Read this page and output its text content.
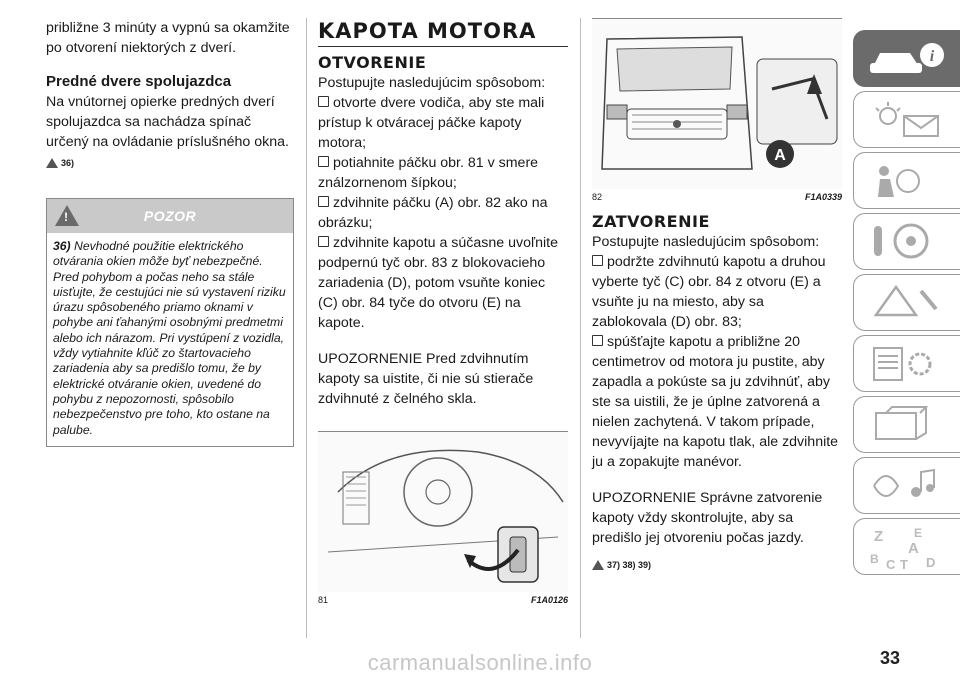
približne 3 minúty a vypnú sa okamžite po otvorení niektorých z dverí.

Predné dvere spolujazdca

Na vnútornej opierke predných dverí spolujazdca sa nachádza spínač určený na ovládanie príslušného okna.

36)
!	POZOR
36) Nevhodné použitie elektrického otvárania okien môže byť nebezpečné. Pred pohybom a počas neho sa stále uisťujte, že cestujúci nie sú vystavení riziku úrazu spôsobeného priamo oknami v pohybe ani ťahanými osobnými predmetmi alebo ich nárazom. Pri vystúpení z vozidla, vždy vytiahnite kľúč zo štartovacieho zariadenia aby sa predišlo tomu, že by elektrické otváranie okien, uvedené do pohybu z nepozornosti, spôsobilo nebezpečenstvo pre toho, kto ostane na palube.

KAPOTA MOTORA

OTVORENIE

Postupujte nasledujúcim spôsobom:

otvorte dvere vodiča, aby ste mali prístup k otváracej páčke kapoty motora;

potiahnite páčku obr. 81 v smere ználzornenom šípkou;

zdvihnite páčku (A) obr. 82 ako na obrázku;

zdvihnite kapotu a súčasne uvoľnite podpernú tyč obr. 83 z blokovacieho zariadenia (D), potom vsuňte koniec (C) obr. 84 tyče do otvoru (E) na kapote.

UPOZORNENIE Pred zdvihnutím kapoty sa uistite, či nie sú stierače zdvihnuté z čelného skla.

81	F1A0126
A
82	F1A0339

ZATVORENIE

Postupujte nasledujúcim spôsobom:

podržte zdvihnutú kapotu a druhou vyberte tyč (C) obr. 84 z otvoru (E) a vsuňte ju na miesto, aby sa zablokovala (D) obr. 83;

spúšťajte kapotu a približne 20 centimetrov od motora ju pustite, aby zapadla a pokúste sa ju zdvihnúť, aby ste sa uistili, že je úplne zatvorená a nielen zachytená. V takom prípade, nevyvíjajte na kapotu tlak, ale zdvihnite ju a zopakujte manévor.

UPOZORNENIE Správne zatvorenie kapoty vždy skontrolujte, aby sa predišlo jej otvoreniu počas jazdy.

37) 38) 39)
i
Z	E
A
B C T D
33
carmanualsonline.info
